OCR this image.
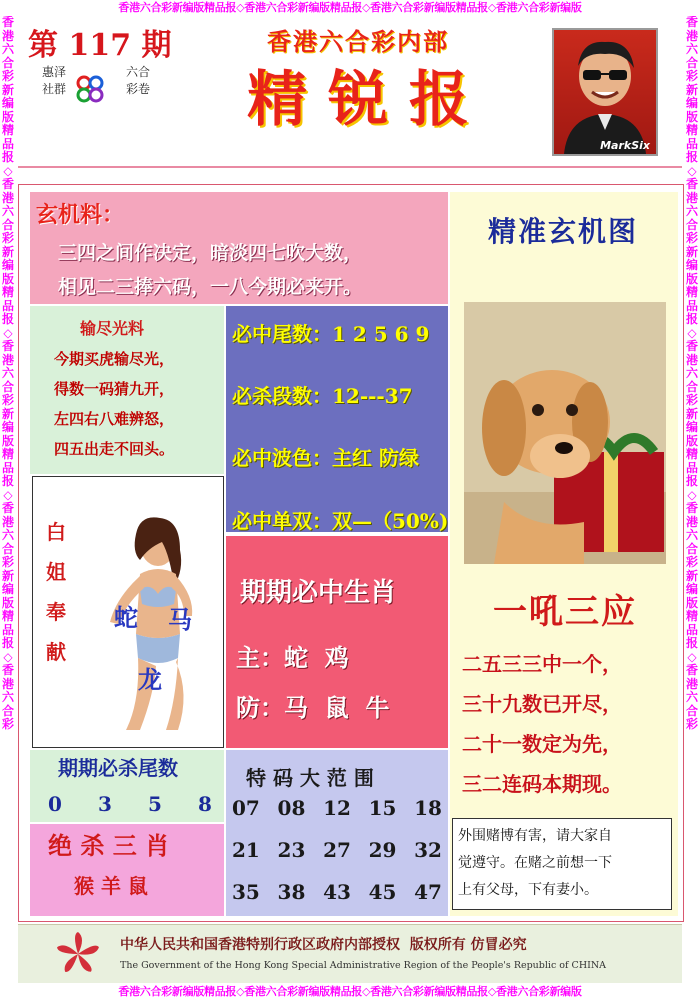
香港六合彩新编版精品报◇香港六合彩新编版精品报◇香港六合彩新编版精品报◇香港六合彩新编版
香港六合彩新编版精品报◇香港六合彩新编版精品报◇香港六合彩新编版精品报◇香港六合彩新编版
香港六合彩新编版精品报◇香港六合彩新编版精品报◇香港六合彩新编版精品报◇香港六合彩新编版精品报◇香港六合彩
香港六合彩新编版精品报◇香港六合彩新编版精品报◇香港六合彩新编版精品报◇香港六合彩新编版精品报◇香港六合彩
第 117 期
惠泽
社群
六合
彩卷
香港六合彩内部
精 锐 报
MarkSix
玄机料：
三四之间作决定，暗淡四七吹大数，
相见二三捧六码，一八今期必来开。
输尽光料
今期买虎输尽光，
得数一码猜九开，
左四右八难辨怒，
四五出走不回头。
必中尾数：1 2 5 6 9
必杀段数：12---37
必中波色：主红 防绿
必中单双：双—（50%)
白
姐
奉
献
蛇 马
龙
期期必中生肖
主：蛇  鸡
防：马  鼠  牛
期期必杀尾数
0 3 5 8
绝 杀 三 肖
猴 羊 鼠
特 码 大 范 围
07 08 12 15 18
21 23 27 29 32
35 38 43 45 47
精准玄机图
一吼三应
二五三三中一个，
三十九数已开尽，
二十一数定为先，
三二连码本期现。
外围赌博有害，请大家自
觉遵守。在赌之前想一下
上有父母，下有妻小。
中华人民共和国香港特别行政区政府内部授权  版权所有 仿冒必究
The Government of the Hong Kong Special Administrative Region of the People's Republic of CHINA
